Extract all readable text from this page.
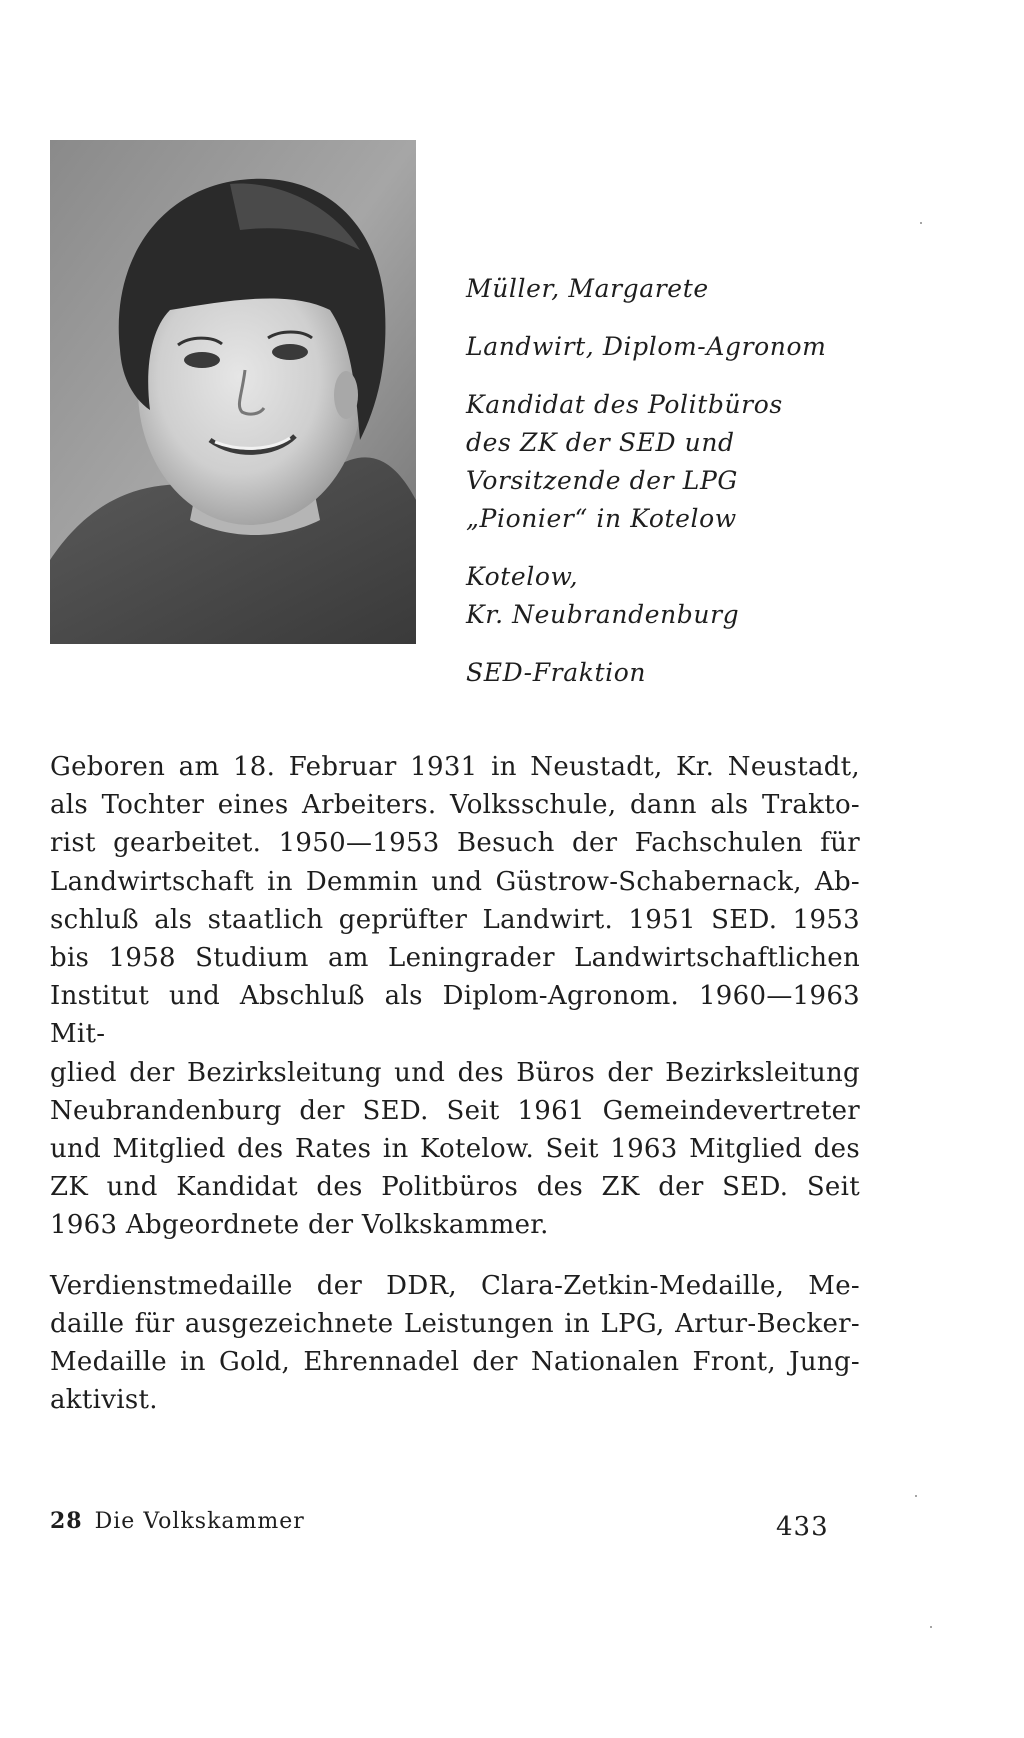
Müller, Margarete

Landwirt, Diplom-Agronom

Kandidat des Politbüros
des ZK der SED und
Vorsitzende der LPG
„Pionier“ in Kotelow

Kotelow,
Kr. Neubrandenburg

SED-Fraktion

Geboren am 18. Februar 1931 in Neustadt, Kr. Neustadt,
als Tochter eines Arbeiters. Volksschule, dann als Trakto-
rist gearbeitet. 1950—1953 Besuch der Fachschulen für
Landwirtschaft in Demmin und Güstrow-Schabernack, Ab-
schluß als staatlich geprüfter Landwirt. 1951 SED. 1953
bis 1958 Studium am Leningrader Landwirtschaftlichen
Institut und Abschluß als Diplom-Agronom. 1960—1963 Mit-
glied der Bezirksleitung und des Büros der Bezirksleitung
Neubrandenburg der SED. Seit 1961 Gemeindevertreter
und Mitglied des Rates in Kotelow. Seit 1963 Mitglied des
ZK und Kandidat des Politbüros des ZK der SED. Seit
1963 Abgeordnete der Volkskammer.

Verdienstmedaille der DDR, Clara-Zetkin-Medaille, Me-
daille für ausgezeichnete Leistungen in LPG, Artur-Becker-
Medaille in Gold, Ehrennadel der Nationalen Front, Jung-
aktivist.

28 Die Volkskammer	433
